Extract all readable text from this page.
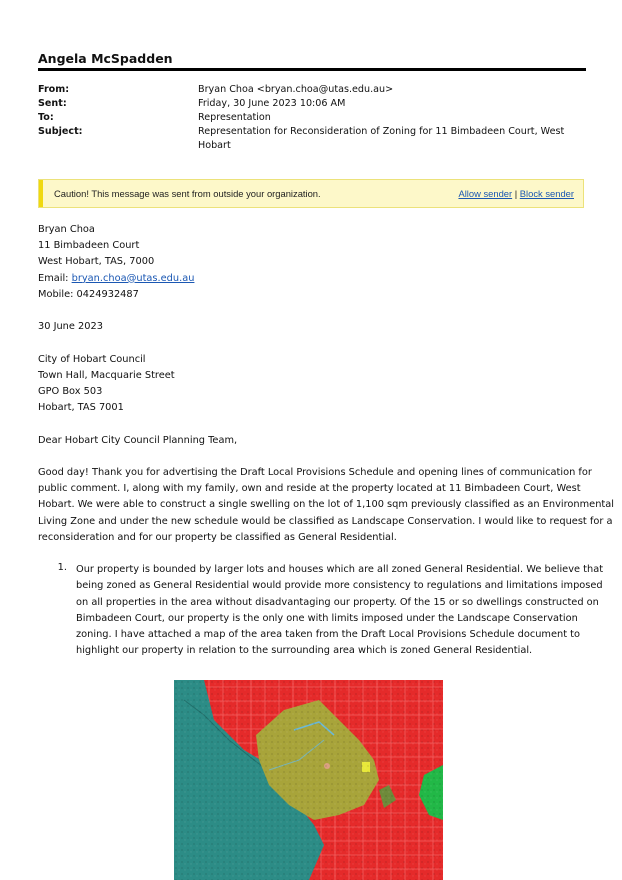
Angela McSpadden
From:	Bryan Choa <bryan.choa@utas.edu.au>
Sent:	Friday, 30 June 2023 10:06 AM
To:	Representation
Subject:	Representation for Reconsideration of Zoning for 11 Bimbadeen Court, West Hobart
Caution! This message was sent from outside your organization.	Allow sender | Block sender
Bryan Choa
11 Bimbadeen Court
West Hobart, TAS, 7000
Email: bryan.choa@utas.edu.au
Mobile: 0424932487
30 June 2023
City of Hobart Council
Town Hall, Macquarie Street
GPO Box 503
Hobart, TAS 7001
Dear Hobart City Council Planning Team,
Good day! Thank you for advertising the Draft Local Provisions Schedule and opening lines of communication for
public comment. I, along with my family, own and reside at the property located at 11 Bimbadeen Court, West
Hobart. We were able to construct a single swelling on the lot of 1,100 sqm previously classified as an Environmental
Living Zone and under the new schedule would be classified as Landscape Conservation. I would like to request for a
reconsideration and for our property be classified as General Residential.
1. Our property is bounded by larger lots and houses which are all zoned General Residential. We believe that
being zoned as General Residential would provide more consistency to regulations and limitations imposed
on all properties in the area without disadvantaging our property. Of the 15 or so dwellings constructed on
Bimbadeen Court, our property is the only one with limits imposed under the Landscape Conservation
zoning. I have attached a map of the area taken from the Draft Local Provisions Schedule document to
highlight our property in relation to the surrounding area which is zoned General Residential.
